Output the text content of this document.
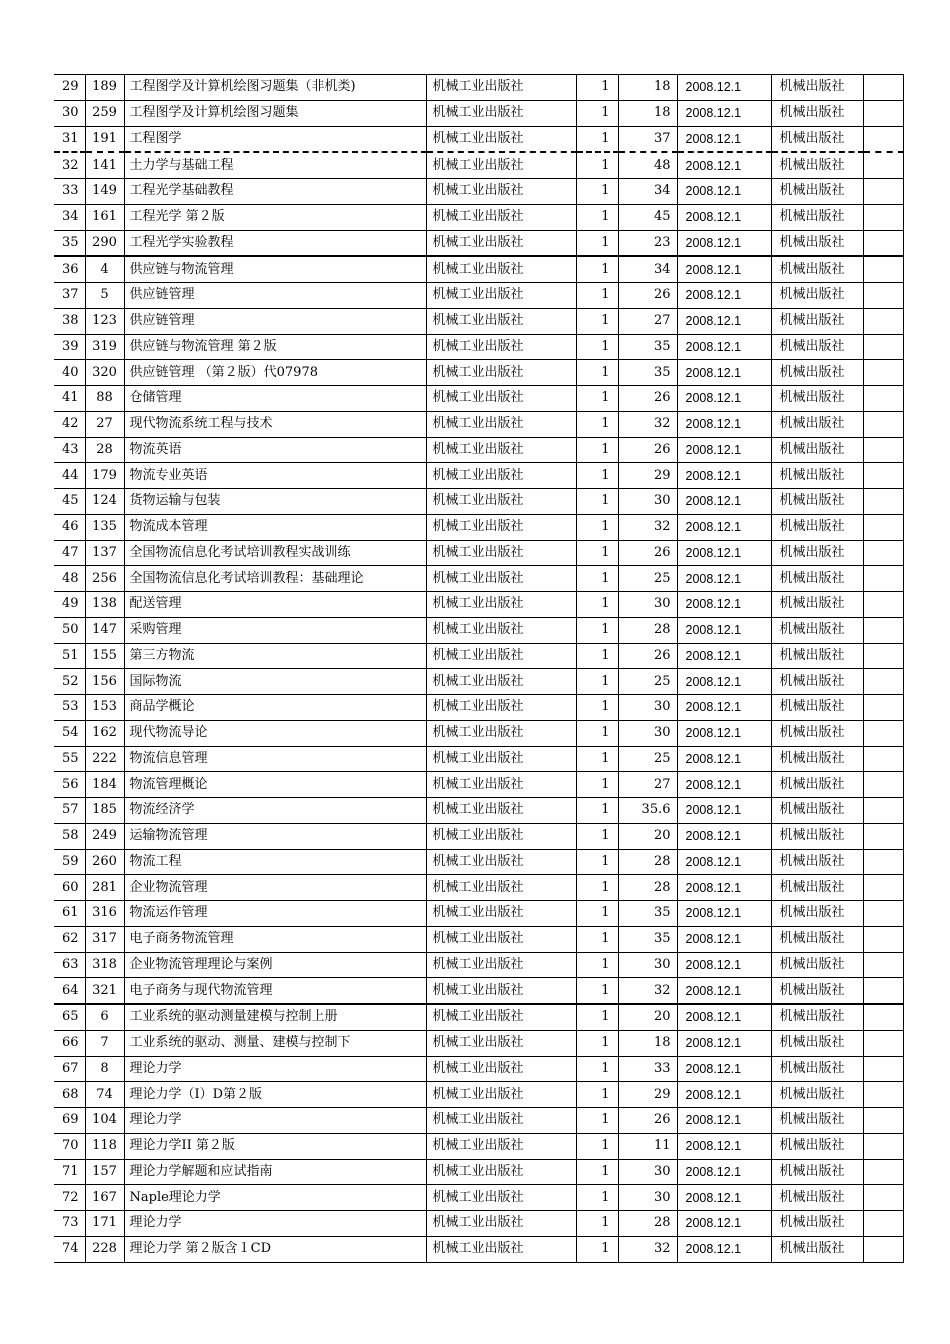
29	189	工程图学及计算机绘图习题集（非机类)	机械工业出版社	1	18	2008.12.1	机械出版社	
30	259	工程图学及计算机绘图习题集	机械工业出版社	1	18	2008.12.1	机械出版社	
31	191	工程图学	机械工业出版社	1	37	2008.12.1	机械出版社	
32	141	土力学与基础工程	机械工业出版社	1	48	2008.12.1	机械出版社	
33	149	工程光学基础教程	机械工业出版社	1	34	2008.12.1	机械出版社	
34	161	工程光学 第２版	机械工业出版社	1	45	2008.12.1	机械出版社	
35	290	工程光学实验教程	机械工业出版社	1	23	2008.12.1	机械出版社	
36	4	供应链与物流管理	机械工业出版社	1	34	2008.12.1	机械出版社	
37	5	供应链管理	机械工业出版社	1	26	2008.12.1	机械出版社	
38	123	供应链管理	机械工业出版社	1	27	2008.12.1	机械出版社	
39	319	供应链与物流管理 第２版	机械工业出版社	1	35	2008.12.1	机械出版社	
40	320	供应链管理 （第２版）代07978	机械工业出版社	1	35	2008.12.1	机械出版社	
41	88	仓储管理	机械工业出版社	1	26	2008.12.1	机械出版社	
42	27	现代物流系统工程与技术	机械工业出版社	1	32	2008.12.1	机械出版社	
43	28	物流英语	机械工业出版社	1	26	2008.12.1	机械出版社	
44	179	物流专业英语	机械工业出版社	1	29	2008.12.1	机械出版社	
45	124	货物运输与包装	机械工业出版社	1	30	2008.12.1	机械出版社	
46	135	物流成本管理	机械工业出版社	1	32	2008.12.1	机械出版社	
47	137	全国物流信息化考试培训教程实战训练	机械工业出版社	1	26	2008.12.1	机械出版社	
48	256	全国物流信息化考试培训教程：基础理论	机械工业出版社	1	25	2008.12.1	机械出版社	
49	138	配送管理	机械工业出版社	1	30	2008.12.1	机械出版社	
50	147	采购管理	机械工业出版社	1	28	2008.12.1	机械出版社	
51	155	第三方物流	机械工业出版社	1	26	2008.12.1	机械出版社	
52	156	国际物流	机械工业出版社	1	25	2008.12.1	机械出版社	
53	153	商品学概论	机械工业出版社	1	30	2008.12.1	机械出版社	
54	162	现代物流导论	机械工业出版社	1	30	2008.12.1	机械出版社	
55	222	物流信息管理	机械工业出版社	1	25	2008.12.1	机械出版社	
56	184	物流管理概论	机械工业出版社	1	27	2008.12.1	机械出版社	
57	185	物流经济学	机械工业出版社	1	35.6	2008.12.1	机械出版社	
58	249	运输物流管理	机械工业出版社	1	20	2008.12.1	机械出版社	
59	260	物流工程	机械工业出版社	1	28	2008.12.1	机械出版社	
60	281	企业物流管理	机械工业出版社	1	28	2008.12.1	机械出版社	
61	316	物流运作管理	机械工业出版社	1	35	2008.12.1	机械出版社	
62	317	电子商务物流管理	机械工业出版社	1	35	2008.12.1	机械出版社	
63	318	企业物流管理理论与案例	机械工业出版社	1	30	2008.12.1	机械出版社	
64	321	电子商务与现代物流管理	机械工业出版社	1	32	2008.12.1	机械出版社	
65	6	工业系统的驱动测量建模与控制上册	机械工业出版社	1	20	2008.12.1	机械出版社	
66	7	工业系统的驱动、测量、建模与控制下	机械工业出版社	1	18	2008.12.1	机械出版社	
67	8	理论力学	机械工业出版社	1	33	2008.12.1	机械出版社	
68	74	理论力学（I）D第２版	机械工业出版社	1	29	2008.12.1	机械出版社	
69	104	理论力学	机械工业出版社	1	26	2008.12.1	机械出版社	
70	118	理论力学II 第２版	机械工业出版社	1	11	2008.12.1	机械出版社	
71	157	理论力学解题和应试指南	机械工业出版社	1	30	2008.12.1	机械出版社	
72	167	Naple理论力学	机械工业出版社	1	30	2008.12.1	机械出版社	
73	171	理论力学	机械工业出版社	1	28	2008.12.1	机械出版社	
74	228	理论力学 第２版含１CD	机械工业出版社	1	32	2008.12.1	机械出版社	
